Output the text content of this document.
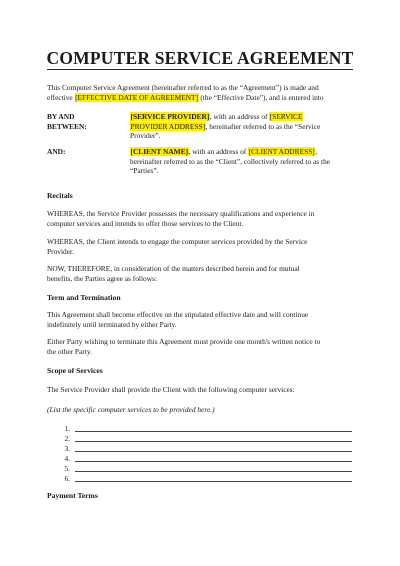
COMPUTER SERVICE AGREEMENT
This Computer Service Agreement (hereinafter referred to as the “Agreement”) is made and
effective [EFFECTIVE DATE OF AGREEMENT] (the “Effective Date”), and is entered into
BY AND
BETWEEN:
[SERVICE PROVIDER], with an address of [SERVICE
PROVIDER ADDRESS], hereinafter referred to as the “Service
Provider”.
AND:	[CLIENT NAME], with an address of [CLIENT ADDRESS],
hereinafter referred to as the “Client”, collectively referred to as the
“Parties”.
Recitals
WHEREAS, the Service Provider possesses the necessary qualifications and experience in
computer services and intends to offer those services to the Client.
WHEREAS, the Client intends to engage the computer services provided by the Service
Provider.
NOW, THEREFORE, in consideration of the matters described herein and for mutual
benefits, the Parties agree as follows:
Term and Termination
This Agreement shall become effective on the stipulated effective date and will continue
indefinitely until terminated by either Party.
Either Party wishing to terminate this Agreement must provide one month's written notice to
the other Party.
Scope of Services
The Service Provider shall provide the Client with the following computer services:
(List the specific computer services to be provided here.)
1.
2.
3.
4.
5.
6.
Payment Terms
